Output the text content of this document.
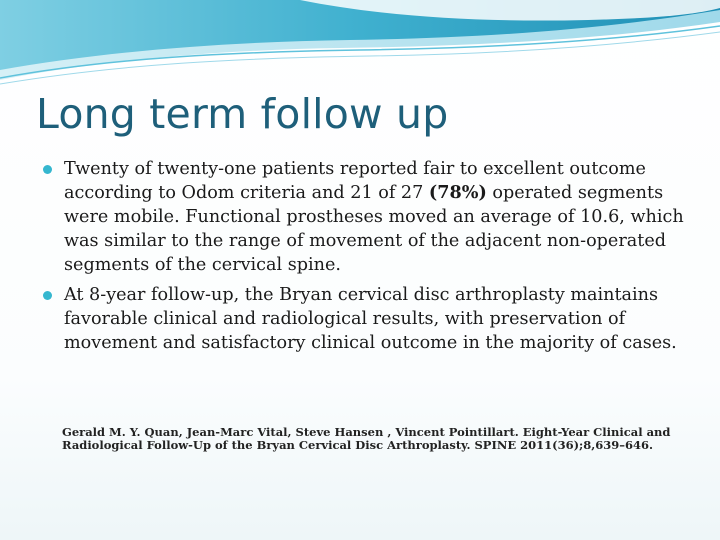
Long term follow up
Twenty of twenty-one patients reported fair to excellent outcome according to Odom criteria and 21 of 27 (78%) operated segments were mobile. Functional prostheses moved an average of 10.6, which was similar to the range of movement of the adjacent non-operated segments of the cervical spine.
At 8-year follow-up, the Bryan cervical disc arthroplasty maintains favorable clinical and radiological results, with preservation of movement and satisfactory clinical outcome in the majority of cases.
Gerald M. Y. Quan, Jean-Marc Vital, Steve Hansen , Vincent Pointillart. Eight-Year Clinical and Radiological Follow-Up of the Bryan Cervical Disc Arthroplasty. SPINE 2011(36);8,639–646.
